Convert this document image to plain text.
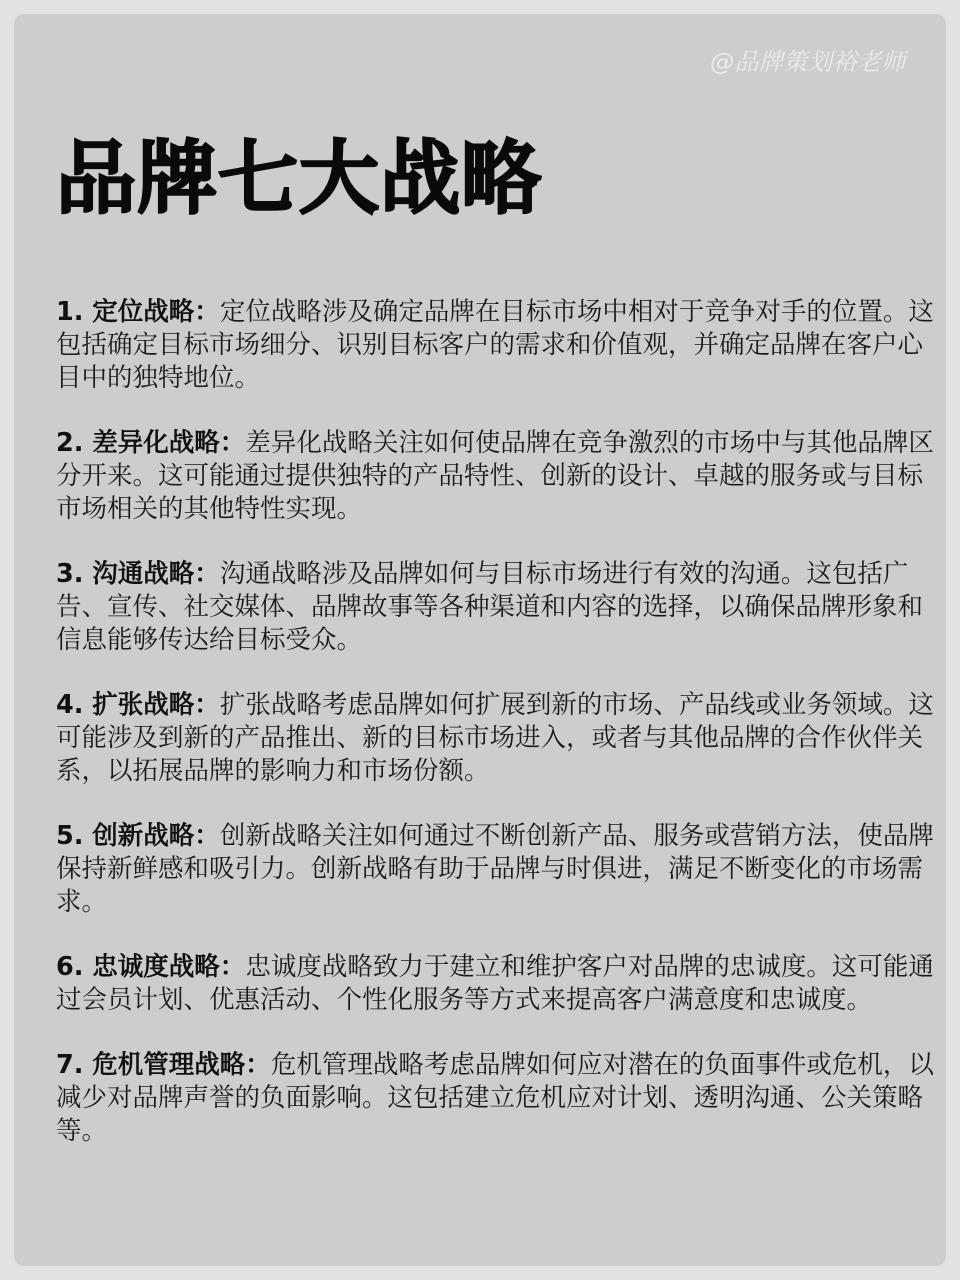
@品牌策划裕老师
品牌七大战略
1. 定位战略：定位战略涉及确定品牌在目标市场中相对于竞争对手的位置。这包括确定目标市场细分、识别目标客户的需求和价值观，并确定品牌在客户心目中的独特地位。
2. 差异化战略：差异化战略关注如何使品牌在竞争激烈的市场中与其他品牌区分开来。这可能通过提供独特的产品特性、创新的设计、卓越的服务或与目标市场相关的其他特性实现。
3. 沟通战略：沟通战略涉及品牌如何与目标市场进行有效的沟通。这包括广告、宣传、社交媒体、品牌故事等各种渠道和内容的选择，以确保品牌形象和信息能够传达给目标受众。
4. 扩张战略：扩张战略考虑品牌如何扩展到新的市场、产品线或业务领域。这可能涉及到新的产品推出、新的目标市场进入，或者与其他品牌的合作伙伴关系，以拓展品牌的影响力和市场份额。
5. 创新战略：创新战略关注如何通过不断创新产品、服务或营销方法，使品牌保持新鲜感和吸引力。创新战略有助于品牌与时俱进，满足不断变化的市场需求。
6. 忠诚度战略：忠诚度战略致力于建立和维护客户对品牌的忠诚度。这可能通过会员计划、优惠活动、个性化服务等方式来提高客户满意度和忠诚度。
7. 危机管理战略：危机管理战略考虑品牌如何应对潜在的负面事件或危机，以减少对品牌声誉的负面影响。这包括建立危机应对计划、透明沟通、公关策略等。
